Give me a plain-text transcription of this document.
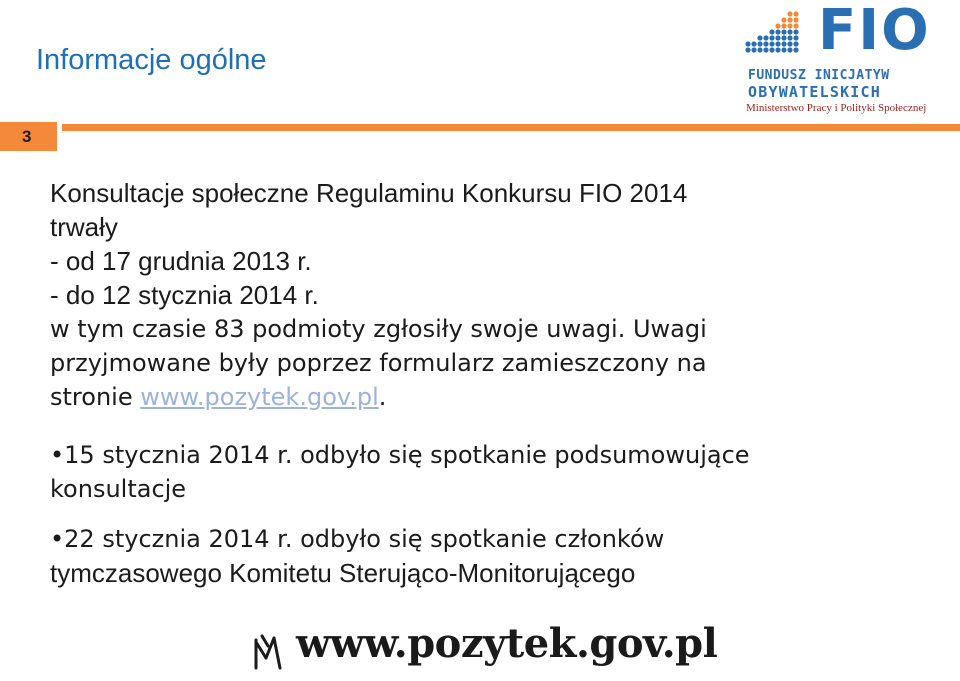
Informacje ogólne	FIO
FUNDUSZ INICJATYW
OBYWATELSKICH
Ministerstwo Pracy i Polityki Społecznej
3
Konsultacje społeczne Regulaminu Konkursu FIO 2014
trwały
- od 17 grudnia 2013 r.
- do 12 stycznia 2014 r.
w tym czasie 83 podmioty zgłosiły swoje uwagi. Uwagi
przyjmowane były poprzez formularz zamieszczony na
stronie www.pozytek.gov.pl.
•15 stycznia 2014 r. odbyło się spotkanie podsumowujące
konsultacje
•22 stycznia 2014 r. odbyło się spotkanie członków
tymczasowego Komitetu Sterująco-Monitorującego
www.pozytek.gov.pl
